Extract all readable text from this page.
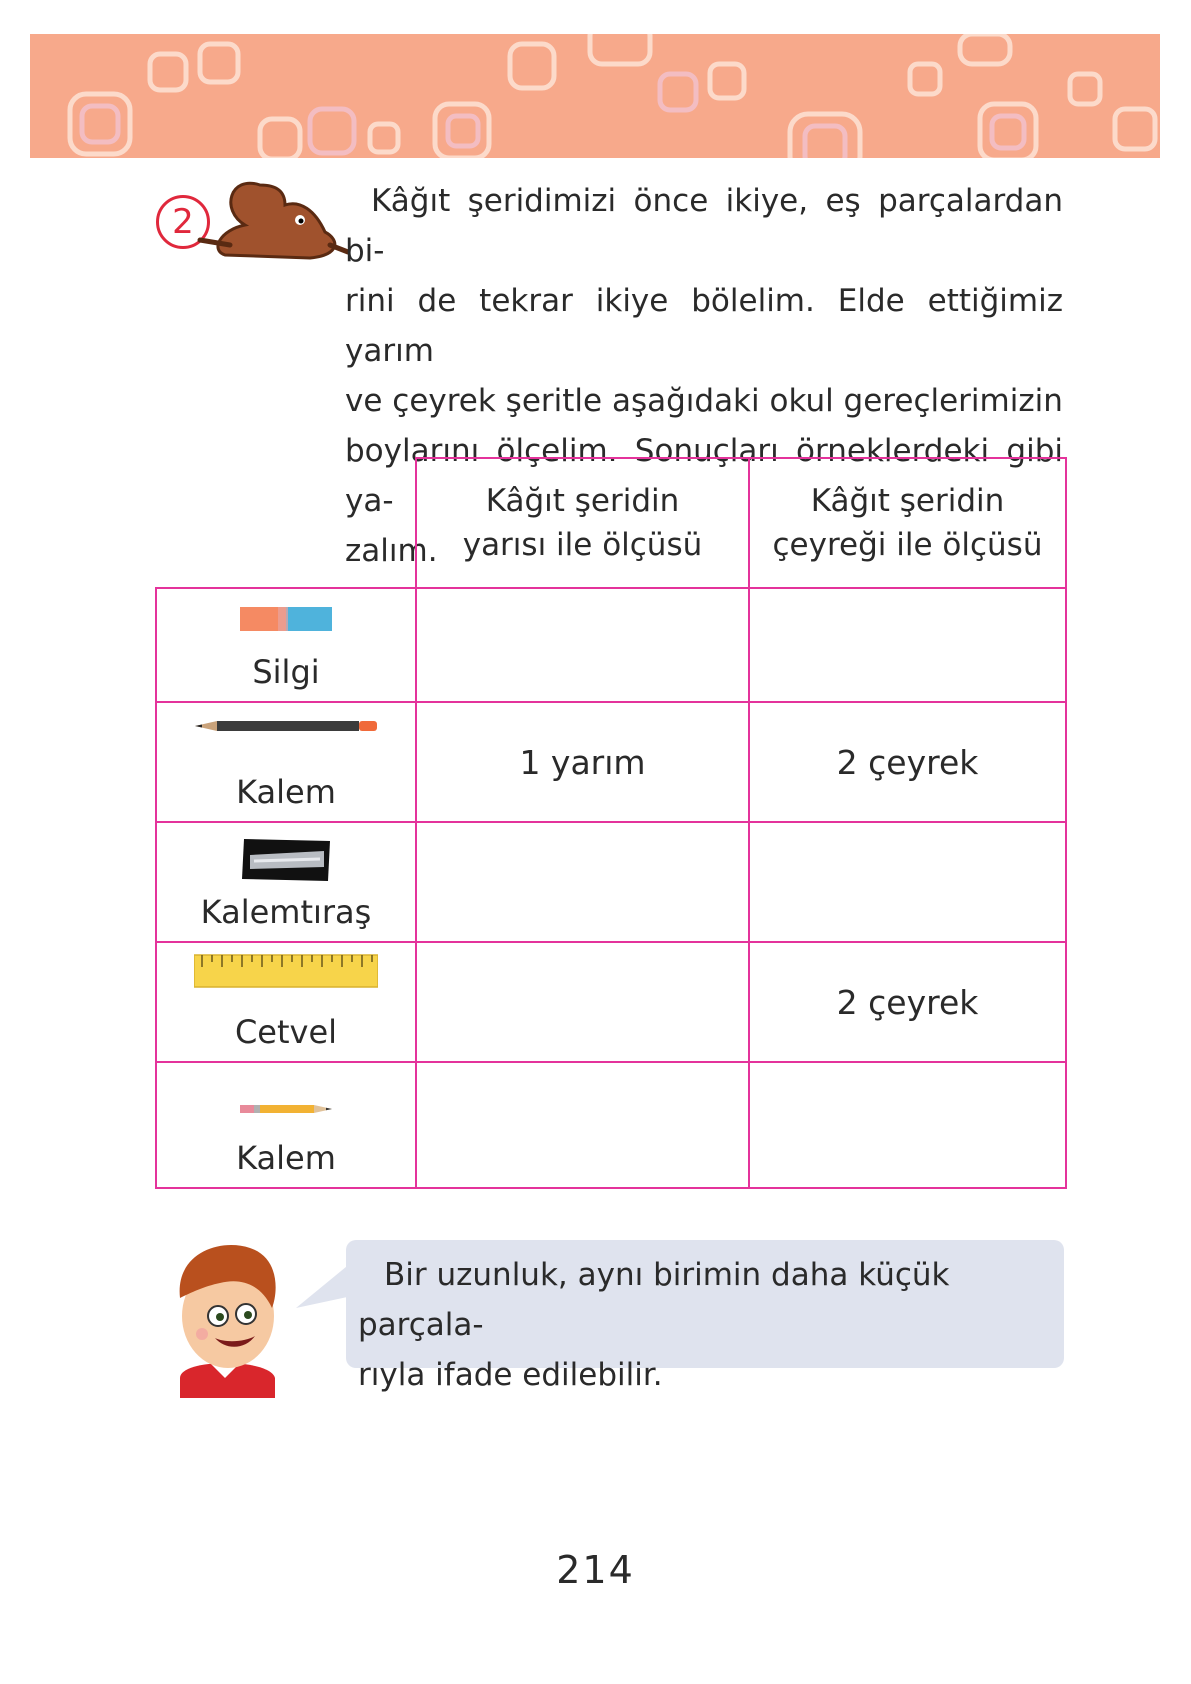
2
Kâğıt şeridimizi önce ikiye, eş parçalardan bi-
rini de tekrar ikiye bölelim. Elde ettiğimiz yarım
ve çeyrek şeritle aşağıdaki okul gereçlerimizin
boylarını ölçelim. Sonuçları örneklerdeki gibi ya-
zalım.

	Kâğıt şeridin
yarısı ile ölçüsü	Kâğıt şeridin
çeyreği ile ölçüsü

Silgi		

Kalem	1 yarım	2 çeyrek

Kalemtıraş		

Cetvel		2 çeyrek

Kalem		

Bir uzunluk, aynı birimin daha küçük parçala-
rıyla ifade edilebilir.
214
